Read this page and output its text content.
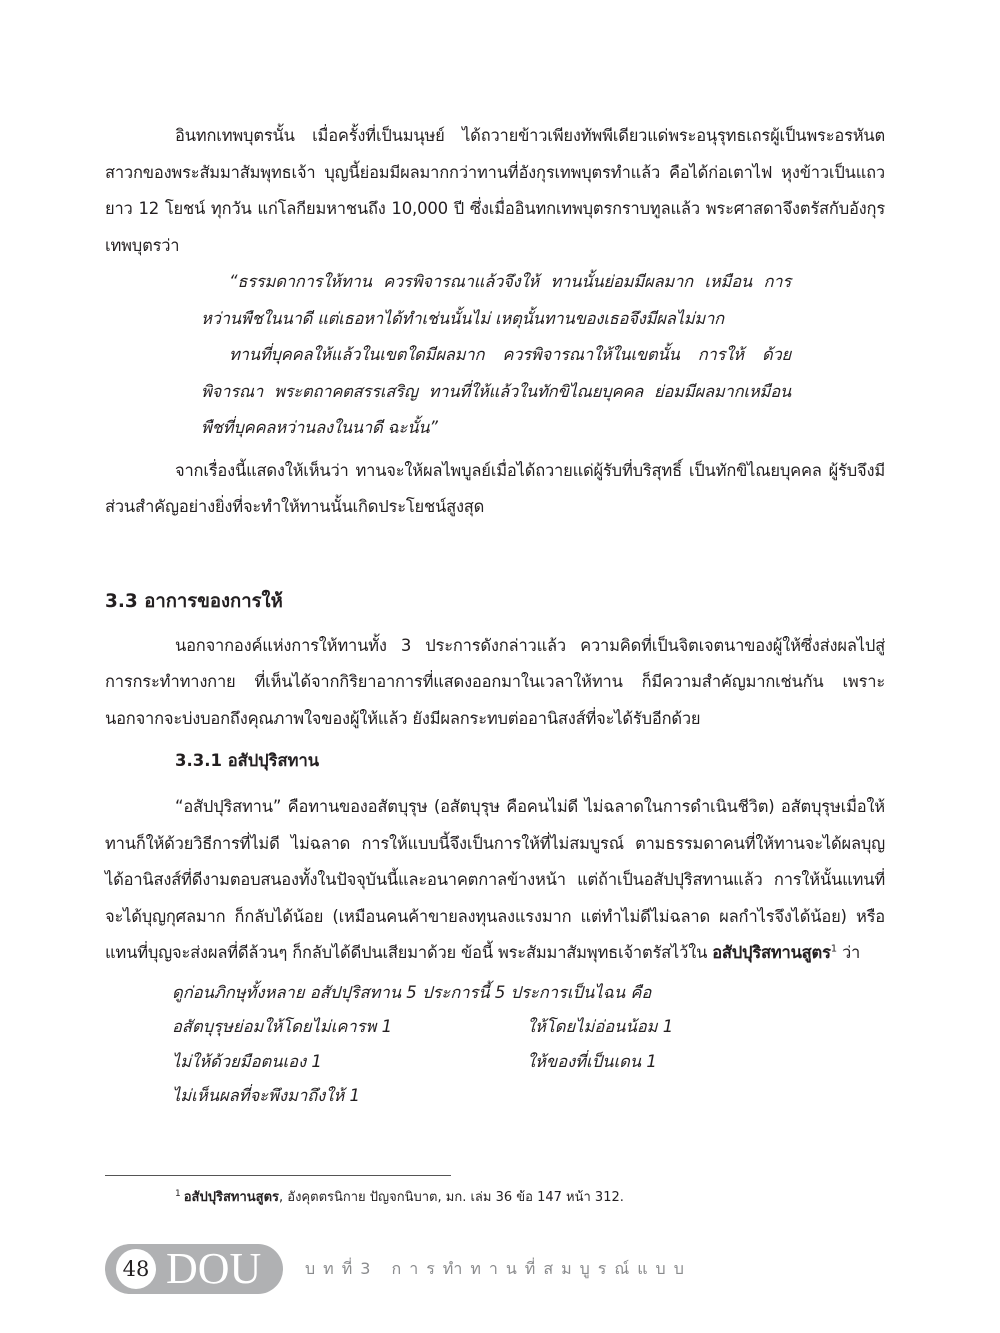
อินทกเทพบุตรนั้น เมื่อครั้งที่เป็นมนุษย์ ได้ถวายข้าวเพียงทัพพีเดียวแด่พระอนุรุทธเถรผู้เป็นพระอรหันตสาวกของพระสัมมาสัมพุทธเจ้า บุญนี้ย่อมมีผลมากกว่าทานที่อังกุรเทพบุตรทำแล้ว คือได้ก่อเตาไฟ หุงข้าวเป็นแถวยาว 12 โยชน์ ทุกวัน แก่โลกียมหาชนถึง 10,000 ปี ซึ่งเมื่ออินทกเทพบุตรกราบทูลแล้ว พระศาสดาจึงตรัสกับอังกุรเทพบุตรว่า

“ธรรมดาการให้ทาน ควรพิจารณาแล้วจึงให้ ทานนั้นย่อมมีผลมาก เหมือน การหว่านพืชในนาดี แต่เธอหาได้ทำเช่นนั้นไม่ เหตุนั้นทานของเธอจึงมีผลไม่มาก

ทานที่บุคคลให้แล้วในเขตใดมีผลมาก ควรพิจารณาให้ในเขตนั้น การให้ ด้วยพิจารณา พระตถาคตสรรเสริญ ทานที่ให้แล้วในทักขิไณยบุคคล ย่อมมีผลมากเหมือนพืชที่บุคคลหว่านลงในนาดี ฉะนั้น”

จากเรื่องนี้แสดงให้เห็นว่า ทานจะให้ผลไพบูลย์เมื่อได้ถวายแด่ผู้รับที่บริสุทธิ์ เป็นทักขิไณยบุคคล ผู้รับจึงมีส่วนสำคัญอย่างยิ่งที่จะทำให้ทานนั้นเกิดประโยชน์สูงสุด

3.3 อาการของการให้

นอกจากองค์แห่งการให้ทานทั้ง 3 ประการดังกล่าวแล้ว ความคิดที่เป็นจิตเจตนาของผู้ให้ซึ่งส่งผลไปสู่การกระทำทางกาย ที่เห็นได้จากกิริยาอาการที่แสดงออกมาในเวลาให้ทาน ก็มีความสำคัญมากเช่นกัน เพราะนอกจากจะบ่งบอกถึงคุณภาพใจของผู้ให้แล้ว ยังมีผลกระทบต่ออานิสงส์ที่จะได้รับอีกด้วย

3.3.1 อสัปปุริสทาน

“อสัปปุริสทาน” คือทานของอสัตบุรุษ (อสัตบุรุษ คือคนไม่ดี ไม่ฉลาดในการดำเนินชีวิต) อสัตบุรุษเมื่อให้ทานก็ให้ด้วยวิธีการที่ไม่ดี ไม่ฉลาด การให้แบบนี้จึงเป็นการให้ที่ไม่สมบูรณ์ ตามธรรมดาคนที่ให้ทานจะได้ผลบุญ ได้อานิสงส์ที่ดีงามตอบสนองทั้งในปัจจุบันนี้และอนาคตกาลข้างหน้า แต่ถ้าเป็นอสัปปุริสทานแล้ว การให้นั้นแทนที่จะได้บุญกุศลมาก ก็กลับได้น้อย (เหมือนคนค้าขายลงทุนลงแรงมาก แต่ทำไม่ดีไม่ฉลาด ผลกำไรจึงได้น้อย) หรือแทนที่บุญจะส่งผลที่ดีล้วนๆ ก็กลับได้ดีปนเสียมาด้วย ข้อนี้ พระสัมมาสัมพุทธเจ้าตรัสไว้ใน อสัปปุริสทานสูตร$^1$ ว่า

ดูก่อนภิกษุทั้งหลาย อสัปปุริสทาน 5 ประการนี้ 5 ประการเป็นไฉน คือ
อสัตบุรุษย่อมให้โดยไม่เคารพ 1	ให้โดยไม่อ่อนน้อม 1
ไม่ให้ด้วยมือตนเอง 1	ให้ของที่เป็นเดน 1
ไม่เห็นผลที่จะพึงมาถึงให้ 1
$^1$ อสัปปุริสทานสูตร, อังคุตตรนิกาย ปัญจกนิบาต, มก. เล่ม 36 ข้อ 147 หน้า 312.
48 DOU	บทที่3 การทำทานที่สมบูรณ์แบบ
